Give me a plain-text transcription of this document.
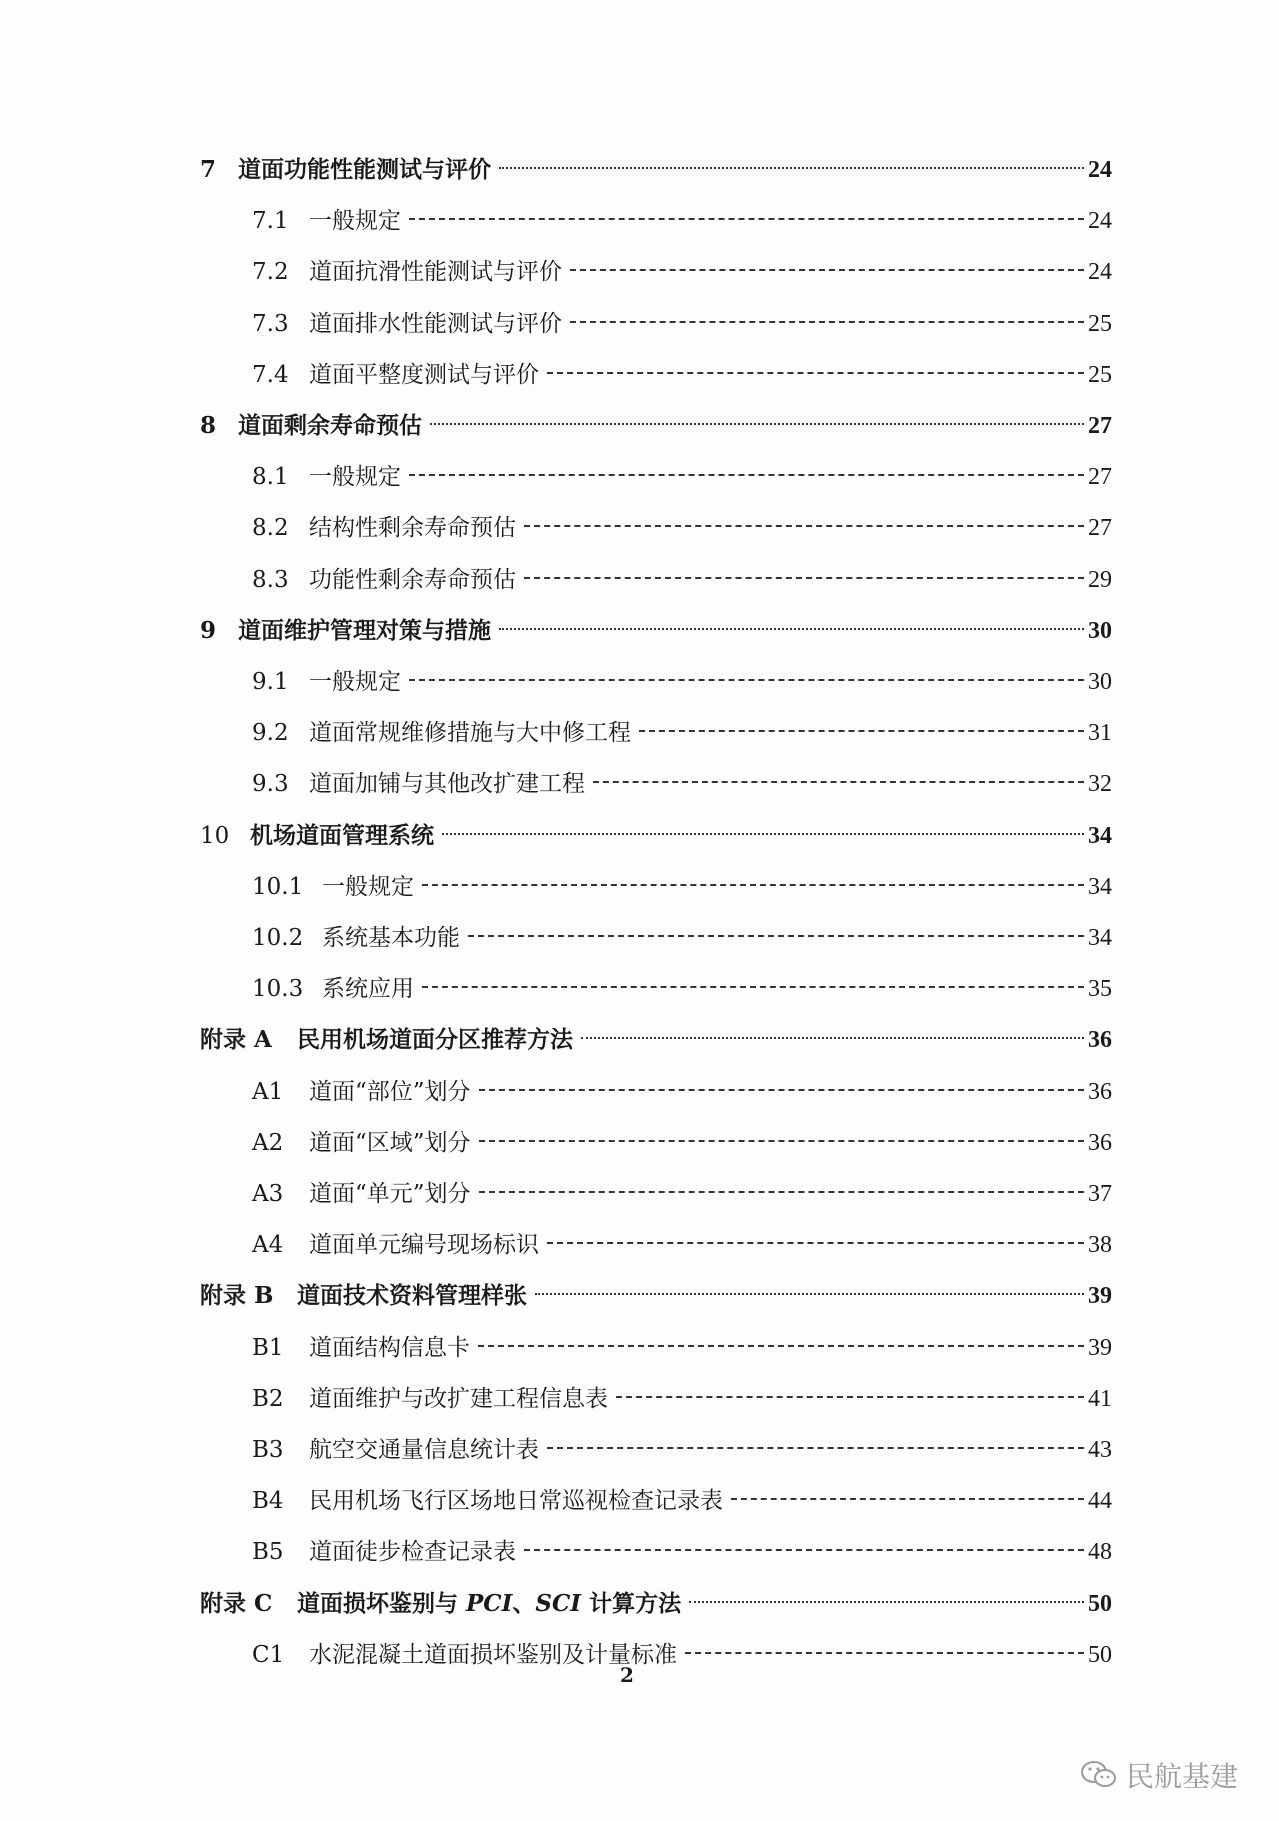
7 道面功能性能测试与评价	24
7.1 一般规定	24
7.2 道面抗滑性能测试与评价	24
7.3 道面排水性能测试与评价	25
7.4 道面平整度测试与评价	25
8 道面剩余寿命预估	27
8.1 一般规定	27
8.2 结构性剩余寿命预估	27
8.3 功能性剩余寿命预估	29
9 道面维护管理对策与措施	30
9.1 一般规定	30
9.2 道面常规维修措施与大中修工程	31
9.3 道面加铺与其他改扩建工程	32
10 机场道面管理系统	34
10.1 一般规定	34
10.2 系统基本功能	34
10.3 系统应用	35
附录 A	民用机场道面分区推荐方法	36
A1	道面“部位”划分	36
A2	道面“区域”划分	36
A3	道面“单元”划分	37
A4	道面单元编号现场标识	38
附录 B	道面技术资料管理样张	39
B1	道面结构信息卡	39
B2	道面维护与改扩建工程信息表	41
B3	航空交通量信息统计表	43
B4	民用机场飞行区场地日常巡视检查记录表	44
B5	道面徒步检查记录表	48
附录 C	道面损坏鉴别与 PCI、SCI 计算方法	50
C1	水泥混凝土道面损坏鉴别及计量标准	50
2
民航基建
